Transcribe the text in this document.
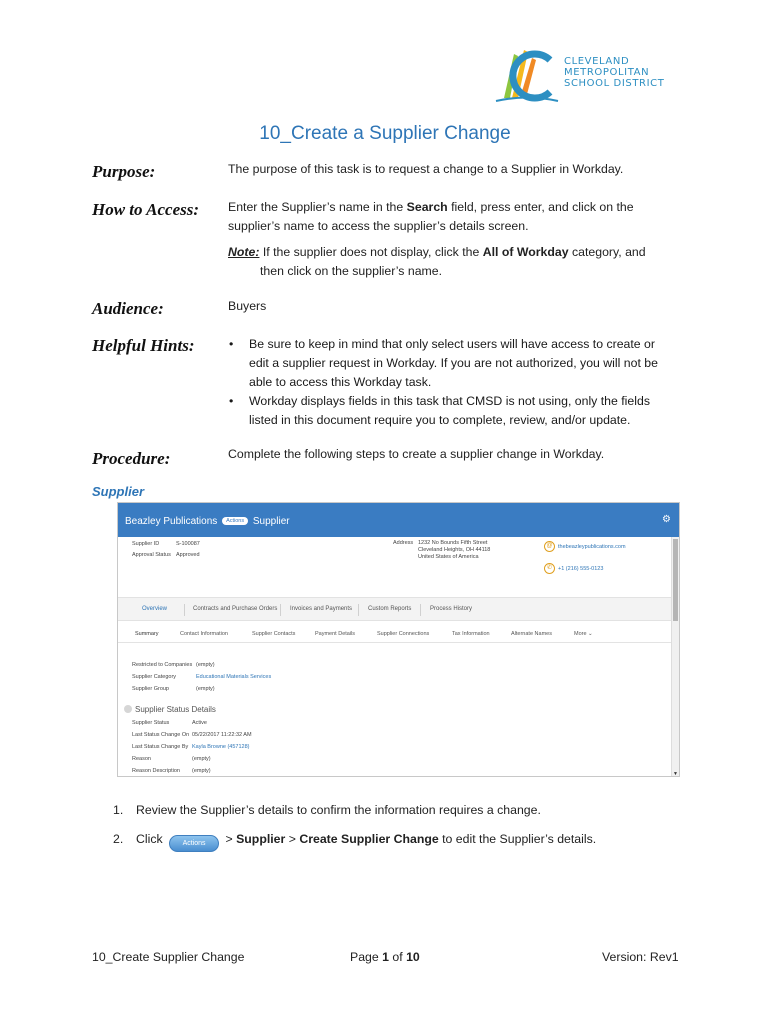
CLEVELAND
METROPOLITAN
SCHOOL DISTRICT
10_Create a Supplier Change
Purpose:	The purpose of this task is to request a change to a Supplier in Workday.
How to Access: Enter the Supplier’s name in the Search field, press enter, and click on the supplier’s name to access the supplier’s details screen.
Note: If the supplier does not display, click the All of Workday category, and
then click on the supplier’s name.
Audience:	Buyers
Helpful Hints:	• Be sure to keep in mind that only select users will have access to create or edit a supplier request in Workday. If you are not authorized, you will not be able to access this Workday task.
• Workday displays fields in this task that CMSD is not using, only the fields listed in this document require you to complete, review, and/or update.
Procedure:	Complete the following steps to create a supplier change in Workday.
Supplier
Beazley Publications Actions Supplier	⚙
Supplier ID	S-100087
Approval Status Approved
Address 1232 No Bounds Fifth Street
Cleveland Heights, OH 44118
United States of America
@ thebeazleypublications.com
✆ +1 (216) 555-0123
Overview	Contracts and Purchase Orders Invoices and Payments	Custom Reports	Process History
Summary	Contact Information	Supplier Contacts	Payment Details	Supplier Connections	Tax Information	Alternate Names	More ⌄
Restricted to Companies (empty)
Supplier Category	Educational Materials Services
Supplier Group	(empty)
Supplier Status Details
Supplier Status	Active
Last Status Change On 05/22/2017 11:22:32 AM
Last Status Change By Kayla Browne (457128)
Reason	(empty)
Reason Description (empty)	▼
1. Review the Supplier’s details to confirm the information requires a change.
2. Click	Actions > Supplier > Create Supplier Change to edit the Supplier’s details.
10_Create Supplier Change	Page 1 of 10	Version: Rev1
